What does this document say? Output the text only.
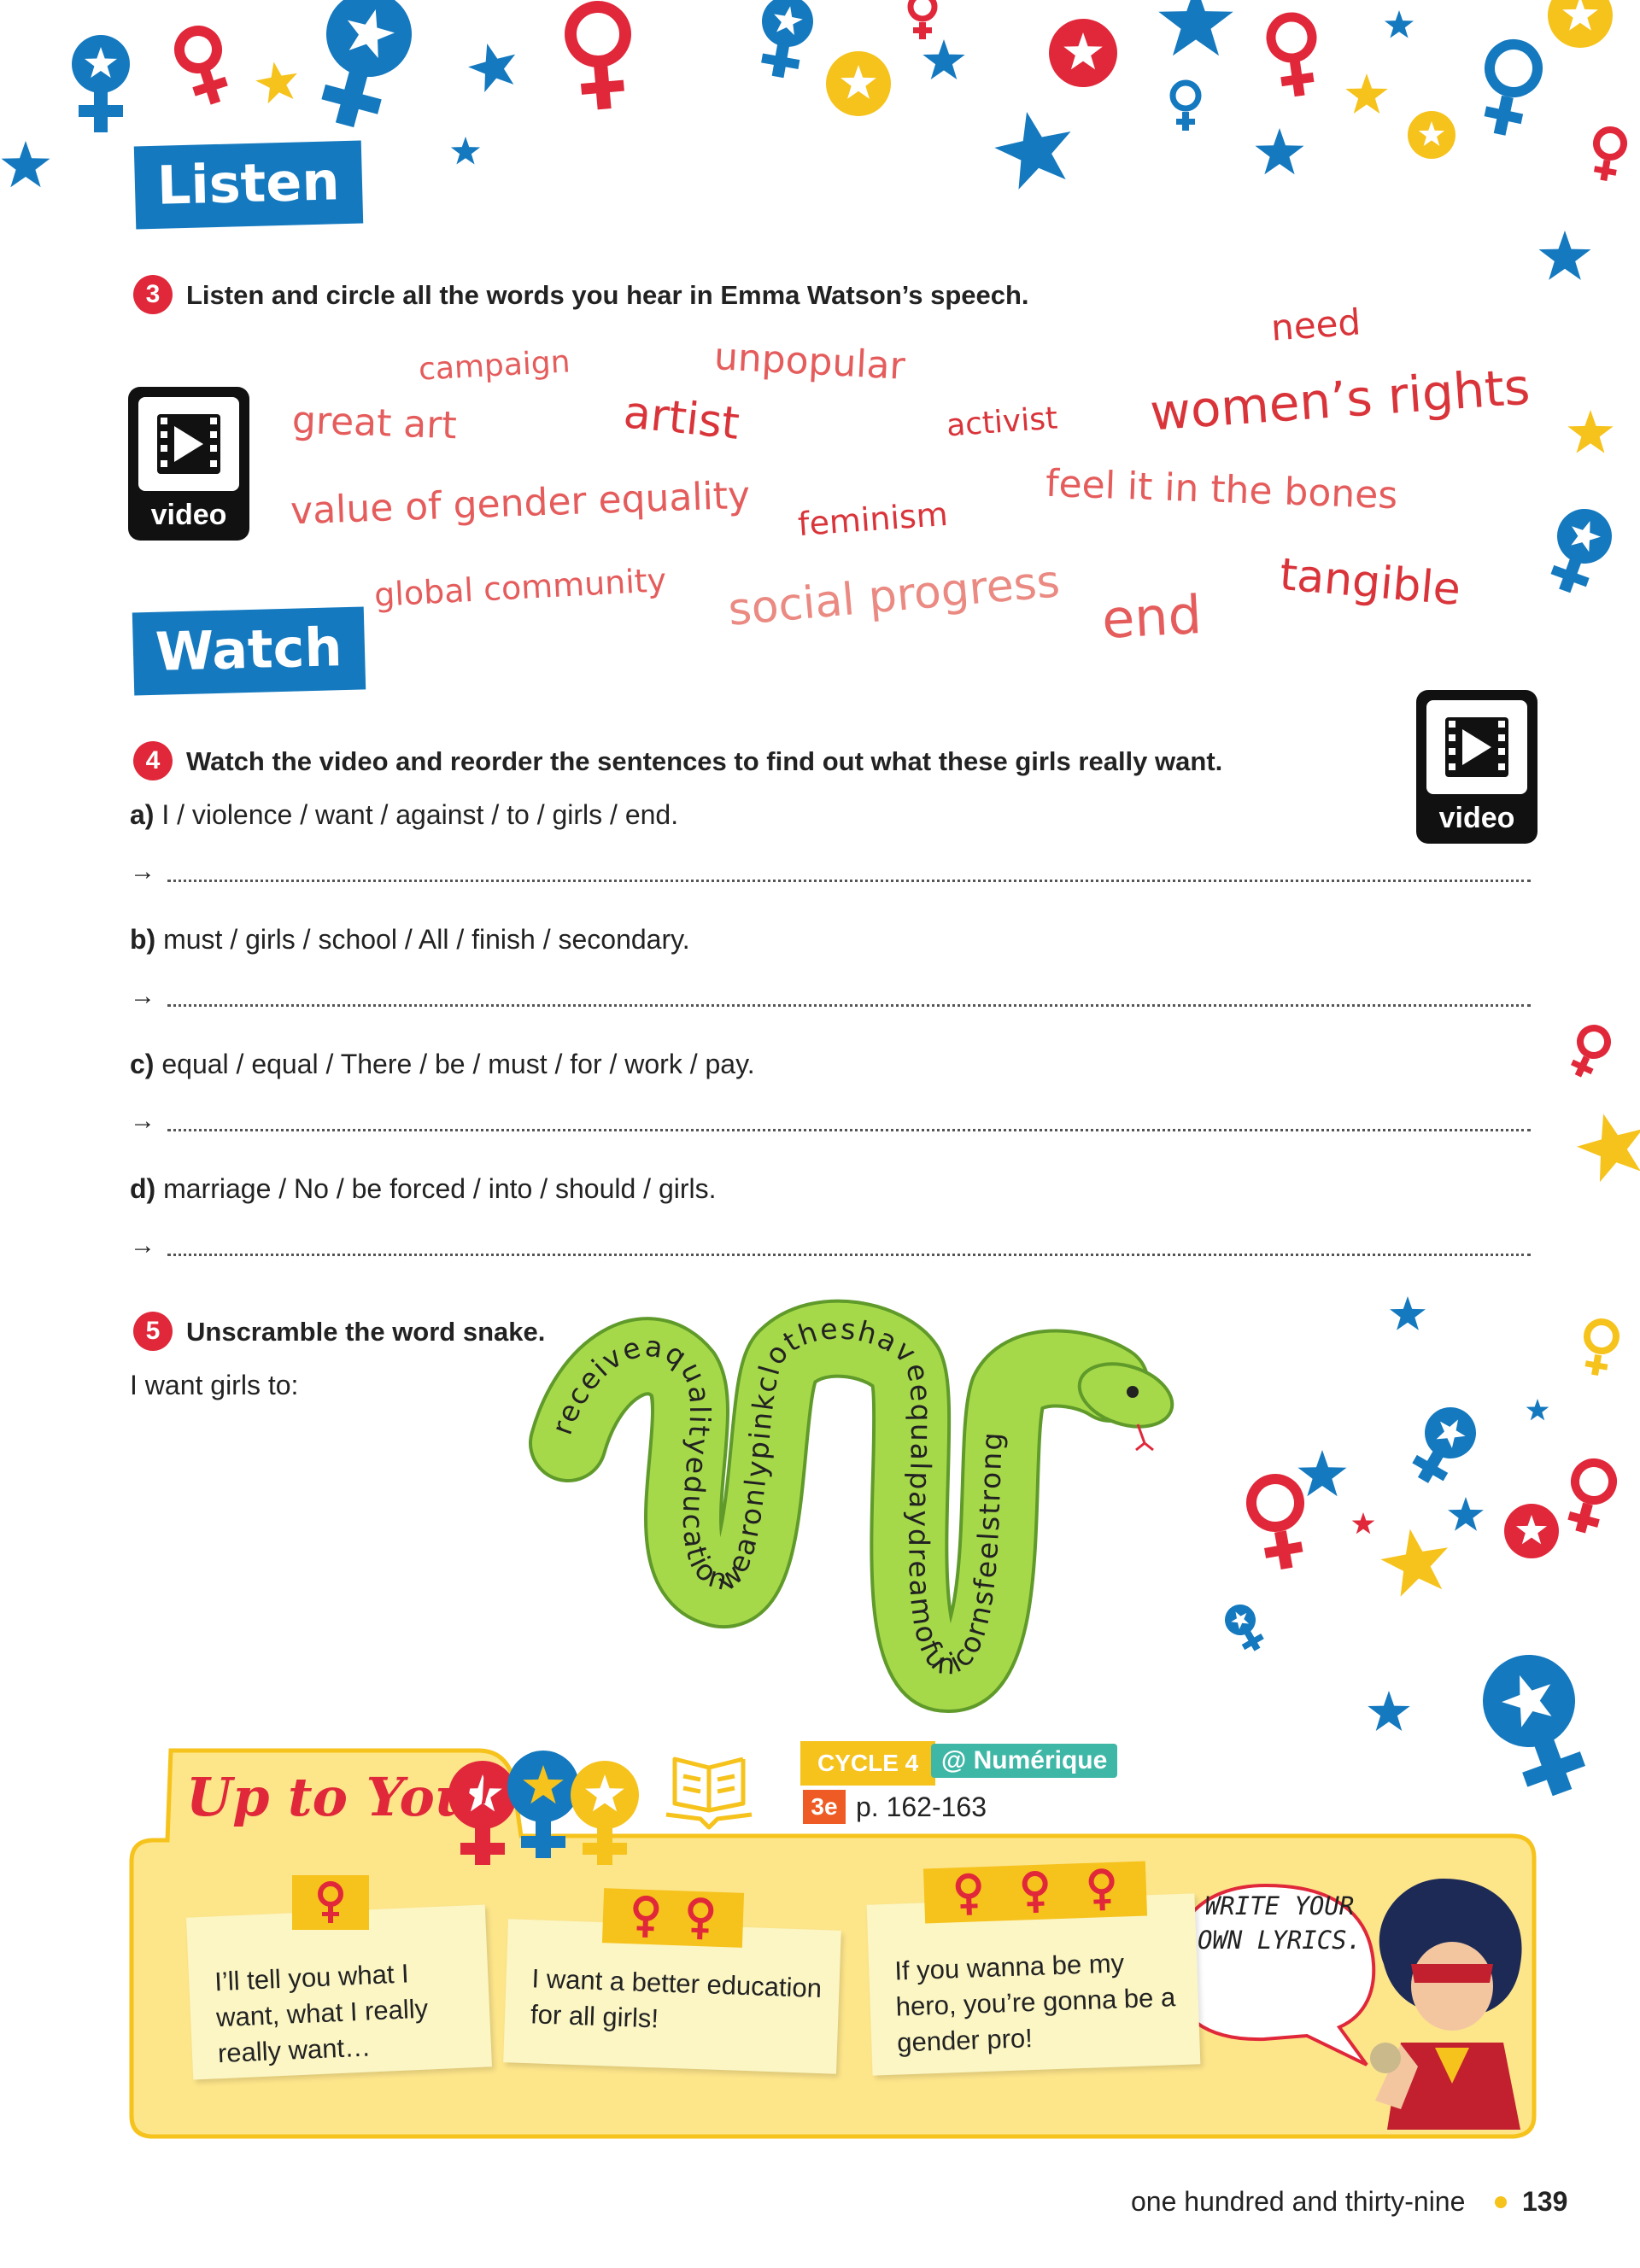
Listen
3 Listen and circle all the words you hear in Emma Watson’s speech.
video
campaign	unpopular
need
great art	artist	activist women’s rights
value of gender equality feminism
feel it in the bones
global community social progress end
tangible
Watch
4 Watch the video and reorder the sentences to find out what these girls really want.
video
a) I / violence / want / against / to / girls / end.
→
b) must / girls / school / All / finish / secondary.
→
c) equal / equal / There / be / must / for / work / pay.
→
d) marriage / No / be forced / into / should / girls.
→
5 Unscramble the word snake.
I want girls to:
receiveaqualityeducationwearonlypinkclotheshaveequalpaydreamofunicornsfeelstrong
Up to You!
CYCLE 4 @ Numérique
3e p. 162-163
I’ll tell you what I want, what I really really want…
I want a better education for all girls!
If you wanna be my hero, you’re gonna be a gender pro!
WRITE YOUR OWN LYRICS.
one hundred and thirty-nine 139
